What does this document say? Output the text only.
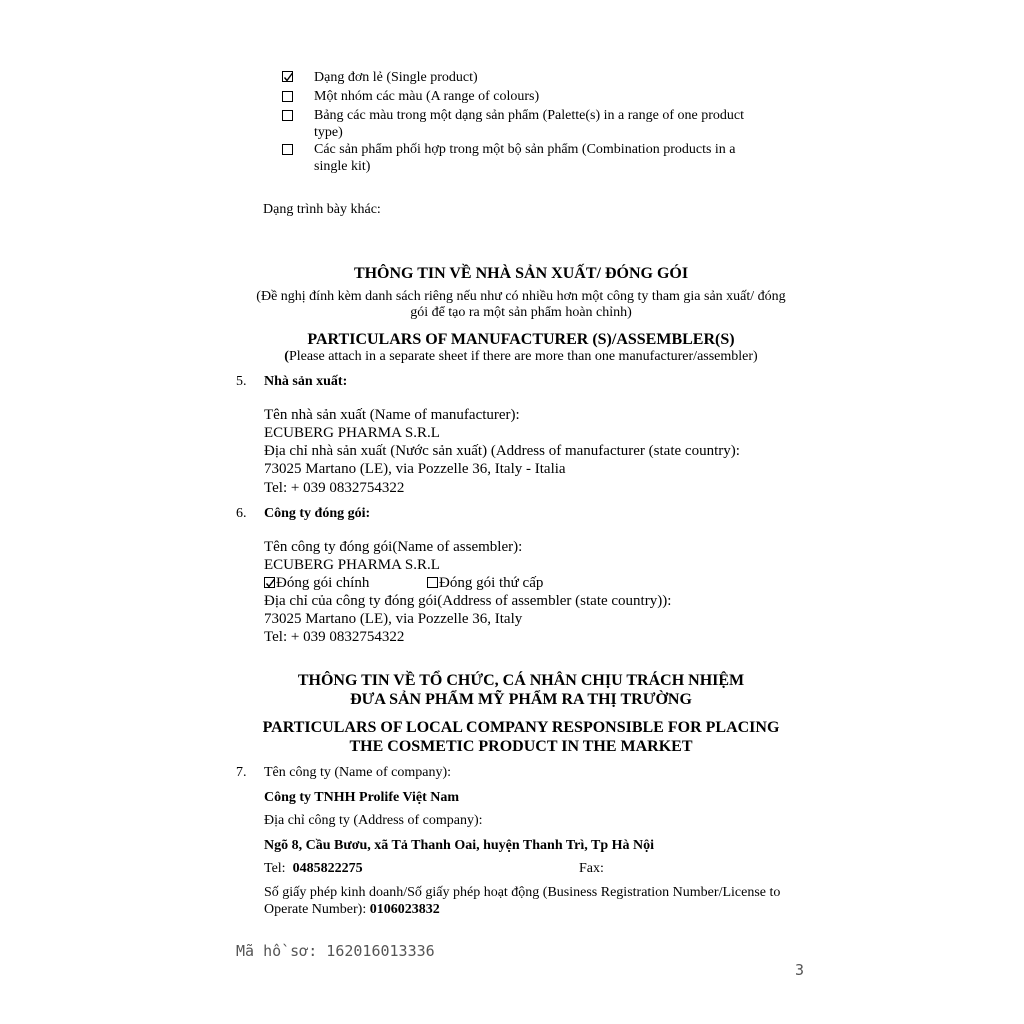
Dạng đơn lẻ (Single product)
Một nhóm các màu (A range of colours)
Bảng các màu trong một dạng sản phẩm (Palette(s) in a range of one product
type)
Các sản phẩm phối hợp trong một bộ sản phẩm (Combination products in a
single kit)
Dạng trình bày khác:
THÔNG TIN VỀ NHÀ SẢN XUẤT/ ĐÓNG GÓI
(Đề nghị đính kèm danh sách riêng nếu như có nhiều hơn một công ty tham gia sản xuất/ đóng
gói để tạo ra một sản phẩm hoàn chỉnh)
PARTICULARS OF MANUFACTURER (S)/ASSEMBLER(S)
(Please attach in a separate sheet if there are more than one manufacturer/assembler)
5. Nhà sản xuất:
Tên nhà sản xuất (Name of manufacturer):
ECUBERG PHARMA S.R.L
Địa chỉ nhà sản xuất (Nước sản xuất) (Address of manufacturer (state country):
73025 Martano (LE), via Pozzelle 36, Italy - Italia
Tel: + 039 0832754322
6. Công ty đóng gói:
Tên công ty đóng gói(Name of assembler):
ECUBERG PHARMA S.R.L
Đóng gói chính	Đóng gói thứ cấp
Địa chỉ của công ty đóng gói(Address of assembler (state country)):
73025 Martano (LE), via Pozzelle 36, Italy
Tel: + 039 0832754322
THÔNG TIN VỀ TỔ CHỨC, CÁ NHÂN CHỊU TRÁCH NHIỆM
ĐƯA SẢN PHẨM MỸ PHẨM RA THỊ TRƯỜNG
PARTICULARS OF LOCAL COMPANY RESPONSIBLE FOR PLACING
THE COSMETIC PRODUCT IN THE MARKET
7. Tên công ty (Name of company):
Công ty TNHH Prolife Việt Nam
Địa chỉ công ty (Address of company):
Ngõ 8, Cầu Bươu, xã Tả Thanh Oai, huyện Thanh Trì, Tp Hà Nội
Tel: 0485822275	Fax:
Số giấy phép kinh doanh/Số giấy phép hoạt động (Business Registration Number/License to
Operate Number): 0106023832
Mã hồ sơ: 162016013336
3
